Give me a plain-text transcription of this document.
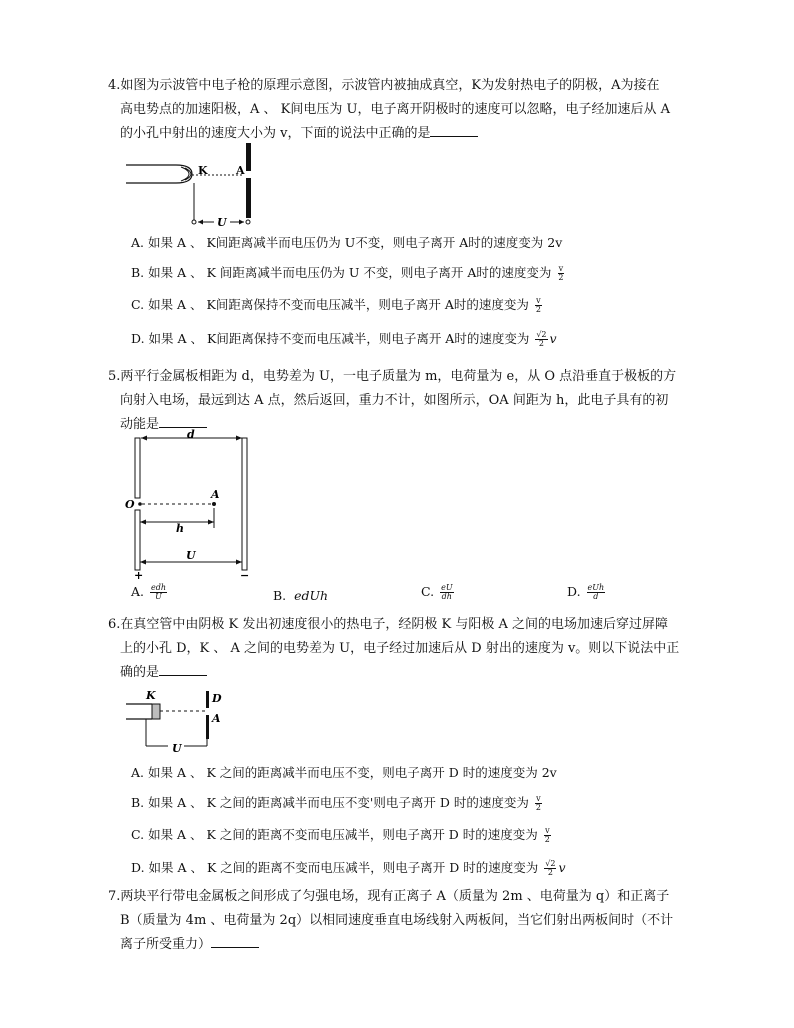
4.如图为示波管中电子枪的原理示意图，示波管内被抽成真空，K为发射热电子的阴极，A为接在
高电势点的加速阳极，A 、 K间电压为 U，电子离开阴极时的速度可以忽略，电子经加速后从 A
的小孔中射出的速度大小为 v，下面的说法中正确的是
K	A
U
A. 如果 A 、 K间距离减半而电压仍为 U不变，则电子离开 A时的速度变为 2v
B. 如果 A 、 K 间距离减半而电压仍为 U 不变，则电子离开 A时的速度变为 $\frac{v}{2}$
C. 如果 A 、 K间距离保持不变而电压减半，则电子离开 A时的速度变为 $\frac{v}{2}$
D. 如果 A 、 K间距离保持不变而电压减半，则电子离开 A时的速度变为 $\frac{√2}{2}$ v
5.两平行金属板相距为 d，电势差为 U，一电子质量为 m，电荷量为 e，从 O 点沿垂直于极板的方
向射入电场，最远到达 A 点，然后返回，重力不计，如图所示，OA 间距为 h，此电子具有的初
动能是
d
O
A
h
U
+	−
A. $\frac{\text{edh}}{U}$	B. edUh	C. $\frac{eU}{dh}$	D. $\frac{\text{eUh}}{d}$
6.在真空管中由阴极 K 发出初速度很小的热电子，经阴极 K 与阳极 A 之间的电场加速后穿过屏障
上的小孔 D，K 、 A 之间的电势差为 U，电子经过加速后从 D 射出的速度为 v。则以下说法中正
确的是
K	D
A
U
A. 如果 A 、 K 之间的距离减半而电压不变，则电子离开 D 时的速度变为 2v
B. 如果 A 、 K 之间的距离减半而电压不变'则电子离开 D 时的速度变为 $\frac{v}{2}$
C. 如果 A 、 K 之间的距离不变而电压减半，则电子离开 D 时的速度变为 $\frac{v}{2}$
D. 如果 A 、 K 之间的距离不变而电压减半，则电子离开 D 时的速度变为 $\frac{√2}{2}$ v
7.两块平行带电金属板之间形成了匀强电场，现有正离子 A（质量为 2m 、电荷量为 q）和正离子
B（质量为 4m 、电荷量为 2q）以相同速度垂直电场线射入两板间，当它们射出两板间时（不计
离子所受重力）
